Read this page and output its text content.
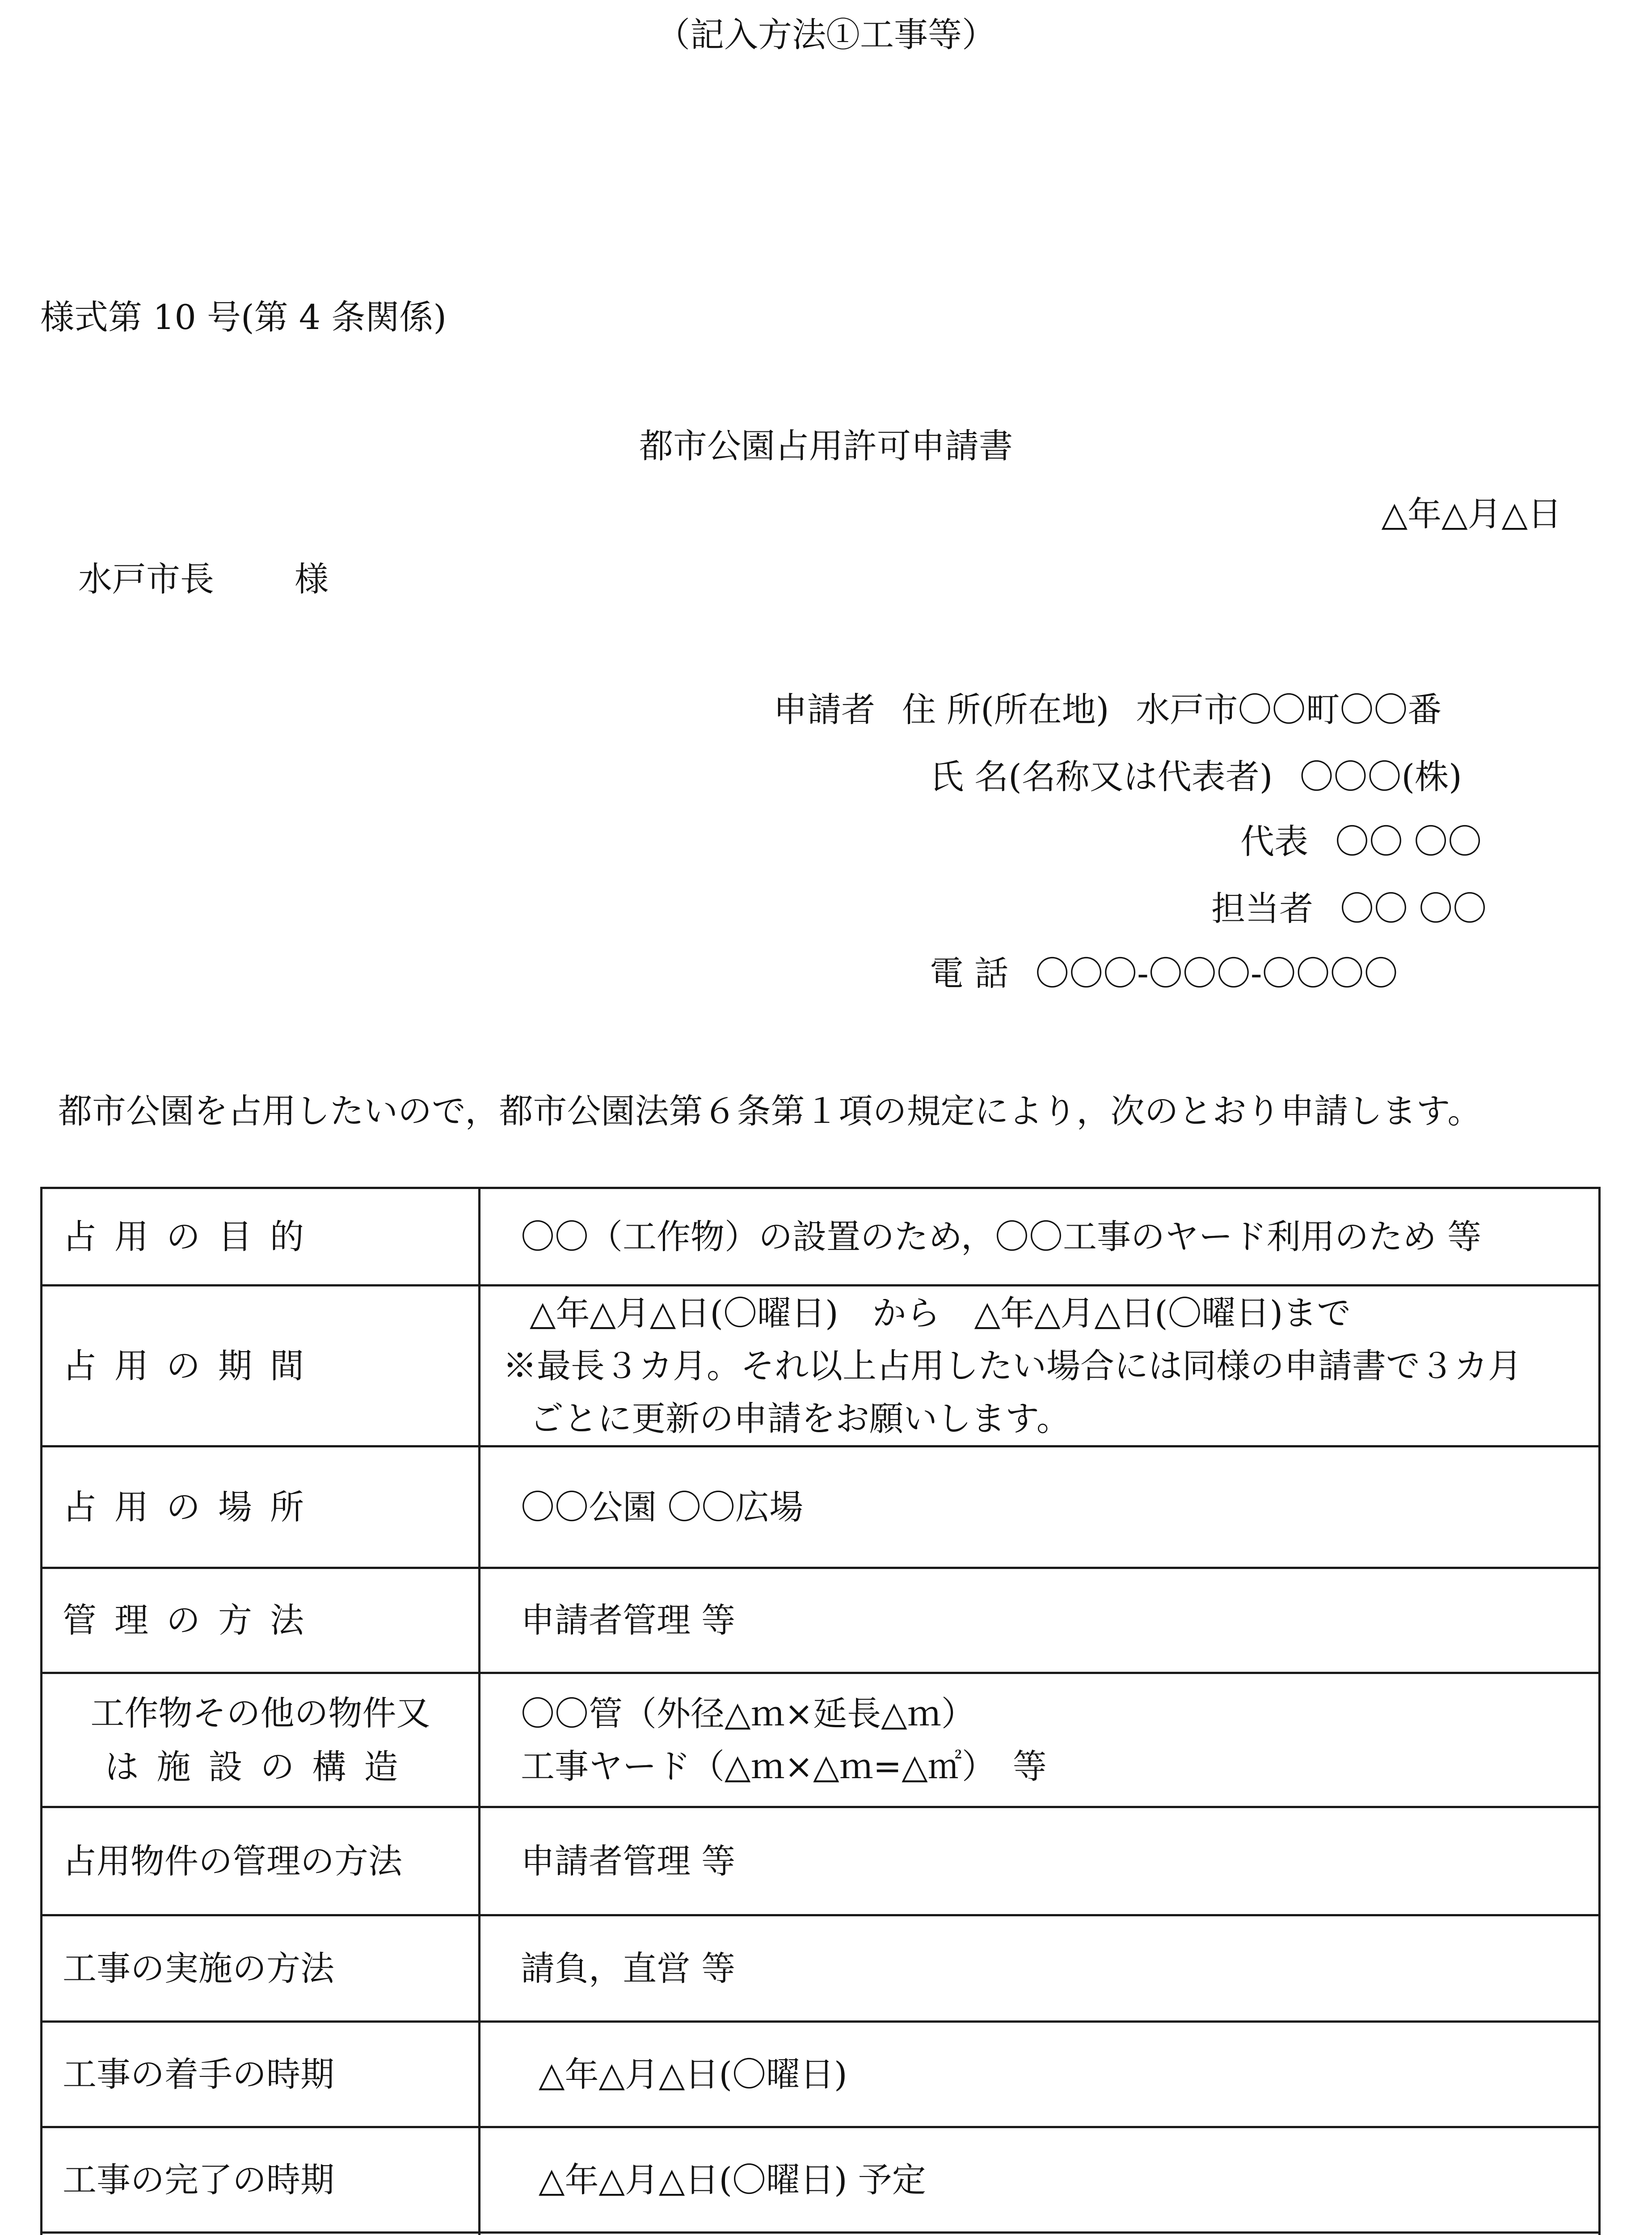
（記入方法①工事等）
様式第 10 号(第 4 条関係)
都市公園占用許可申請書
△年△月△日
水戸市長 様
申請者 住 所(所在地) 水戸市〇〇町〇〇番
氏 名(名称又は代表者) 〇〇〇(株)
代表 〇〇 〇〇
担当者 〇〇 〇〇
電 話 〇〇〇-〇〇〇-〇〇〇〇
都市公園を占用したいので，都市公園法第６条第１項の規定により，次のとおり申請します。
占用の目的	〇〇（工作物）の設置のため，〇〇工事のヤード利用のため 等
占用の期間	△年△月△日(〇曜日)　から　△年△月△日(〇曜日)まで
※最長３カ月。それ以上占用したい場合には同様の申請書で３カ月
ごとに更新の申請をお願いします。

占用の場所	〇〇公園 〇〇広場
管理の方法	申請者管理 等

工作物その他の物件又
は施設の構造	〇〇管（外径△ｍ×延長△ｍ）
工事ヤード（△ｍ×△ｍ=△㎡）　等

占用物件の管理の方法	申請者管理 等
工事の実施の方法	請負，直営 等
工事の着手の時期	△年△月△日(〇曜日)
工事の完了の時期	△年△月△日(〇曜日) 予定
